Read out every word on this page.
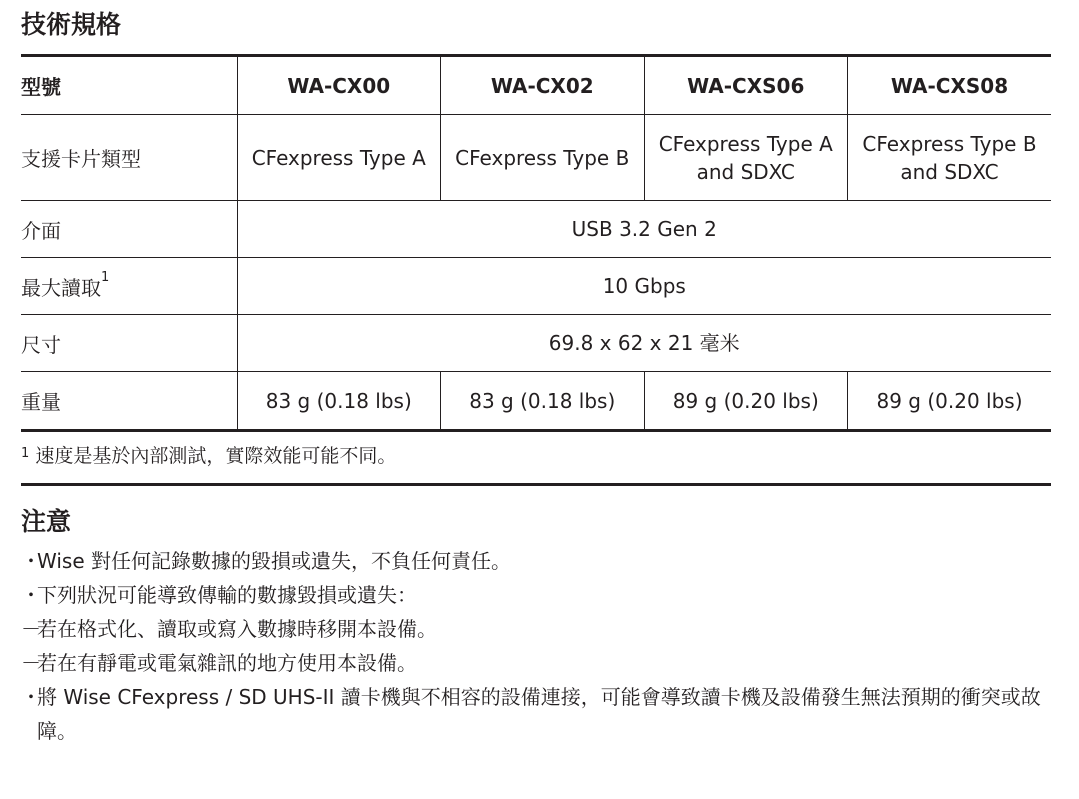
技術規格
型號	WA-CX00	WA-CX02	WA-CXS06	WA-CXS08
支援卡片類型	CFexpress Type A	CFexpress Type B	CFexpress Type A and SDXC	CFexpress Type B and SDXC

介面	USB 3.2 Gen 2			
最大讀取$^1$	10 Gbps			
尺寸	69.8 x 62 x 21 毫米			
重量	83 g (0.18 lbs)	83 g (0.18 lbs)	89 g (0.20 lbs)	89 g (0.20 lbs)
$^1$ 速度是基於內部測試，實際效能可能不同。
注意
・
Wise 對任何記錄數據的毀損或遺失，不負任何責任。
・
下列狀況可能導致傳輸的數據毀損或遺失：
－
若在格式化、讀取或寫入數據時移開本設備。
－
若在有靜電或電氣雜訊的地方使用本設備。
・
將 Wise CFexpress / SD UHS-II 讀卡機與不相容的設備連接，可能會導致讀卡機及設備發生無法預期的衝突或故障。
